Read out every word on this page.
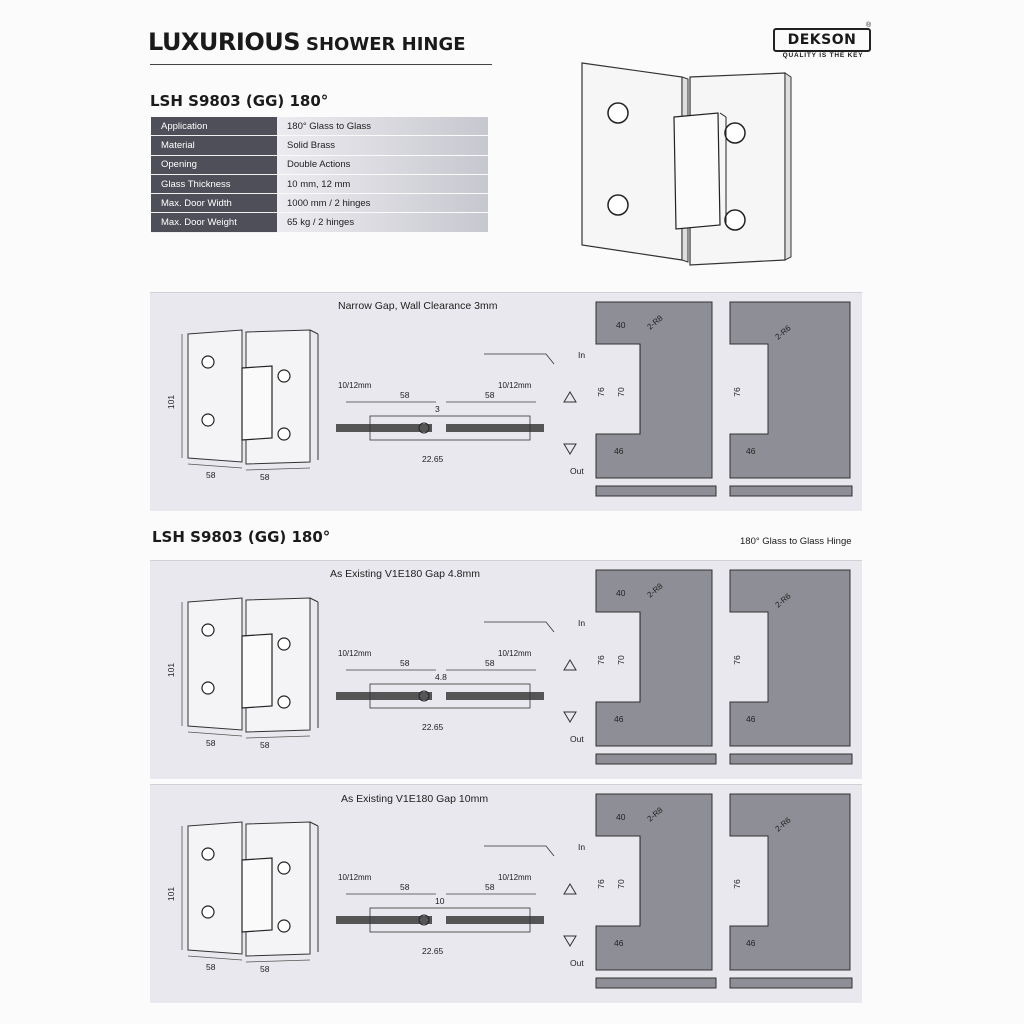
LUXURIOUS SHOWER HINGE	DEKSON
®
QUALITY IS THE KEY
LSH S9803 (GG) 180°
Application	180° Glass to Glass
Material	Solid Brass
Opening	Double Actions
Glass Thickness	10 mm, 12 mm
Max. Door Width	1000 mm / 2 hinges
Max. Door Weight	65 kg / 2 hinges
Narrow Gap, Wall Clearance 3mm
LSH S9803 (GG) 180°	180° Glass to Glass Hinge
As Existing V1E180 Gap 4.8mm
As Existing V1E180 Gap 10mm
101
58	58
10/12mm	10/12mm
58	58
3
22.65
In
Out
40
46
76 70
2-R8
46
76
2-R6
101
58	58
10/12mm	10/12mm
58	58
4.8
22.65
In
Out
40
46
76 70
2-R8
46
76
2-R6
101
58	58
10/12mm	10/12mm
58	58
10
22.65
In
Out
40
46
76 70
2-R8
46
76
2-R6
